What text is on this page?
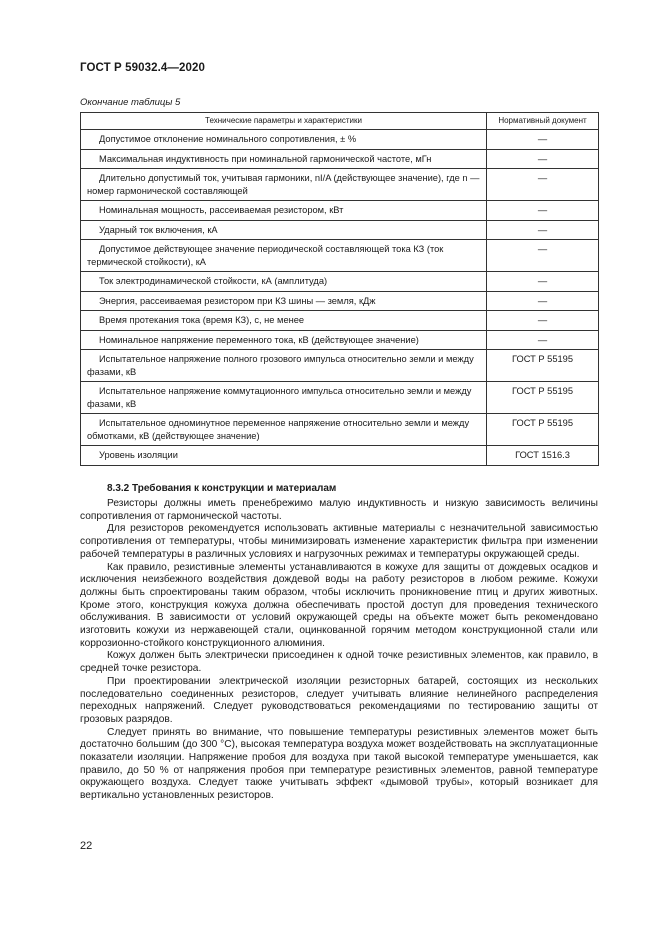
ГОСТ Р 59032.4—2020
Окончание таблицы 5
Технические параметры и характеристики	Нормативный документ
Допустимое отклонение номинального сопротивления, ± %	—
Максимальная индуктивность при номинальной гармонической частоте, мГн	—
Длительно допустимый ток, учитывая гармоники, nI/A (действующее значение), где n — номер гармонической составляющей	—
Номинальная мощность, рассеиваемая резистором, кВт	—
Ударный ток включения, кА	—
Допустимое действующее значение периодической составляющей тока КЗ (ток термической стойкости), кА	—
Ток электродинамической стойкости, кА (амплитуда)	—
Энергия, рассеиваемая резистором при КЗ шины — земля, кДж	—
Время протекания тока (время КЗ), с, не менее	—
Номинальное напряжение переменного тока, кВ (действующее значение)	—
Испытательное напряжение полного грозового импульса относительно земли и между фазами, кВ	ГОСТ Р 55195
Испытательное напряжение коммутационного импульса относительно земли и между фазами, кВ	ГОСТ Р 55195
Испытательное одноминутное переменное напряжение относительно земли и между обмотками, кВ (действующее значение)	ГОСТ Р 55195
Уровень изоляции	ГОСТ 1516.3
8.3.2 Требования к конструкции и материалам

Резисторы должны иметь пренебрежимо малую индуктивность и низкую зависимость величины сопротивления от гармонической частоты.

Для резисторов рекомендуется использовать активные материалы с незначительной зависимостью сопротивления от температуры, чтобы минимизировать изменение характеристик фильтра при изменении рабочей температуры в различных условиях и нагрузочных режимах и температуры окружающей среды.

Как правило, резистивные элементы устанавливаются в кожухе для защиты от дождевых осадков и исключения неизбежного воздействия дождевой воды на работу резисторов в любом режиме. Кожухи должны быть спроектированы таким образом, чтобы исключить проникновение птиц и других животных. Кроме этого, конструкция кожуха должна обеспечивать простой доступ для проведения технического обслуживания. В зависимости от условий окружающей среды на объекте может быть рекомендовано изготовить кожухи из нержавеющей стали, оцинкованной горячим методом конструкционной стали или коррозионно-стойкого конструкционного алюминия.

Кожух должен быть электрически присоединен к одной точке резистивных элементов, как правило, в средней точке резистора.

При проектировании электрической изоляции резисторных батарей, состоящих из нескольких последовательно соединенных резисторов, следует учитывать влияние нелинейного распределения переходных напряжений. Следует руководствоваться рекомендациями по тестированию защиты от грозовых разрядов.

Следует принять во внимание, что повышение температуры резистивных элементов может быть достаточно большим (до 300 °C), высокая температура воздуха может воздействовать на эксплуатационные показатели изоляции. Напряжение пробоя для воздуха при такой высокой температуре уменьшается, как правило, до 50 % от напряжения пробоя при температуре резистивных элементов, равной температуре окружающего воздуха. Следует также учитывать эффект «дымовой трубы», который возникает для вертикально установленных резисторов.

22
